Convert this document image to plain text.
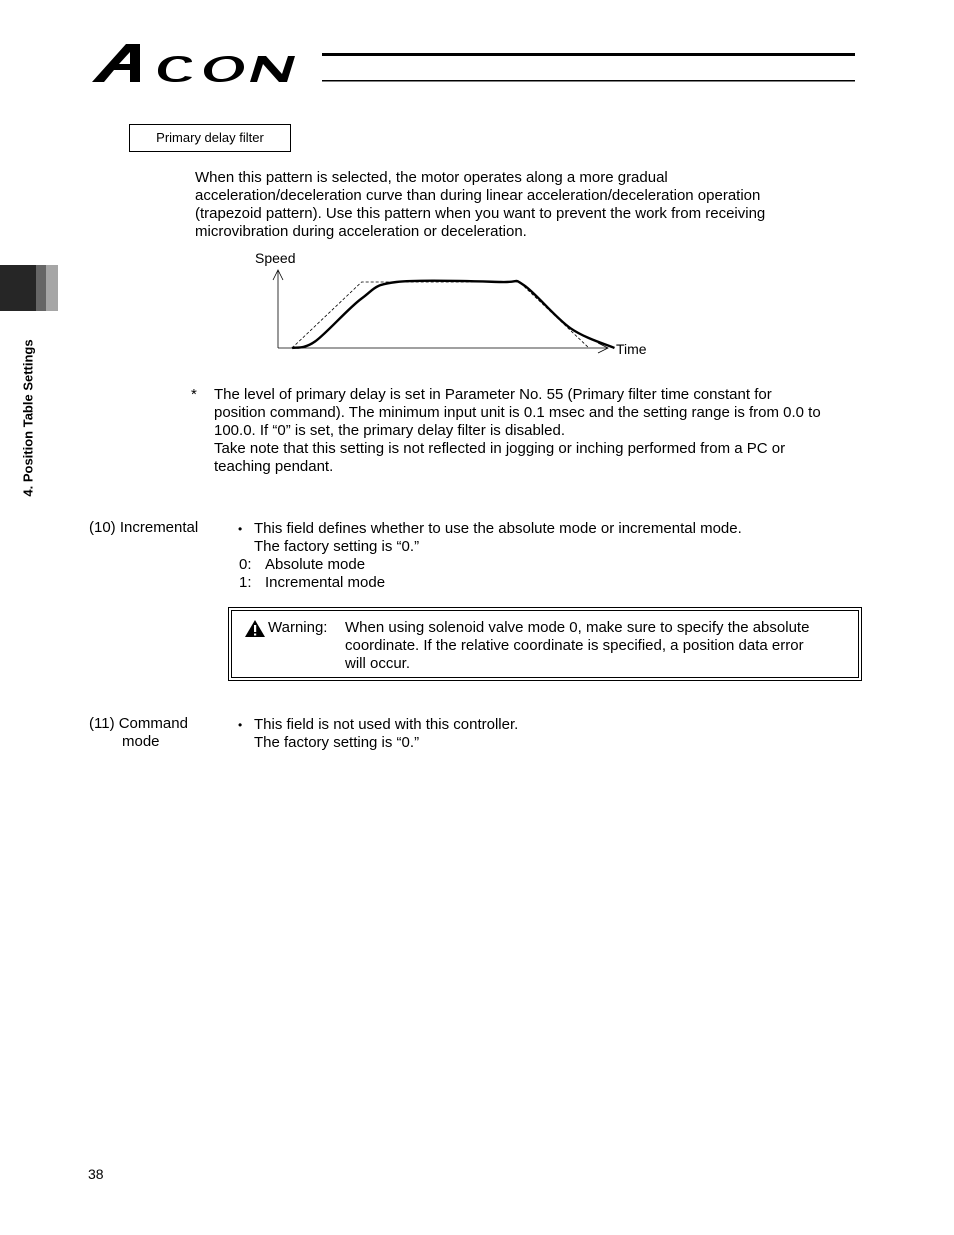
4. Position Table Settings
Primary delay filter
When this pattern is selected, the motor operates along a more gradual
acceleration/deceleration curve than during linear acceleration/deceleration operation
(trapezoid pattern). Use this pattern when you want to prevent the work from receiving
microvibration during acceleration or deceleration.
Speed
Time
* The level of primary delay is set in Parameter No. 55 (Primary filter time constant for
position command). The minimum input unit is 0.1 msec and the setting range is from 0.0 to
100.0. If “0” is set, the primary delay filter is disabled.
Take note that this setting is not reflected in jogging or inching performed from a PC or
teaching pendant.
(10) Incremental	• This field defines whether to use the absolute mode or incremental mode.
The factory setting is “0.”
0: Absolute mode
1: Incremental mode
Warning: When using solenoid valve mode 0, make sure to specify the absolute
coordinate. If the relative coordinate is specified, a position data error
will occur.
(11) Command
mode
• This field is not used with this controller.
The factory setting is “0.”
38
